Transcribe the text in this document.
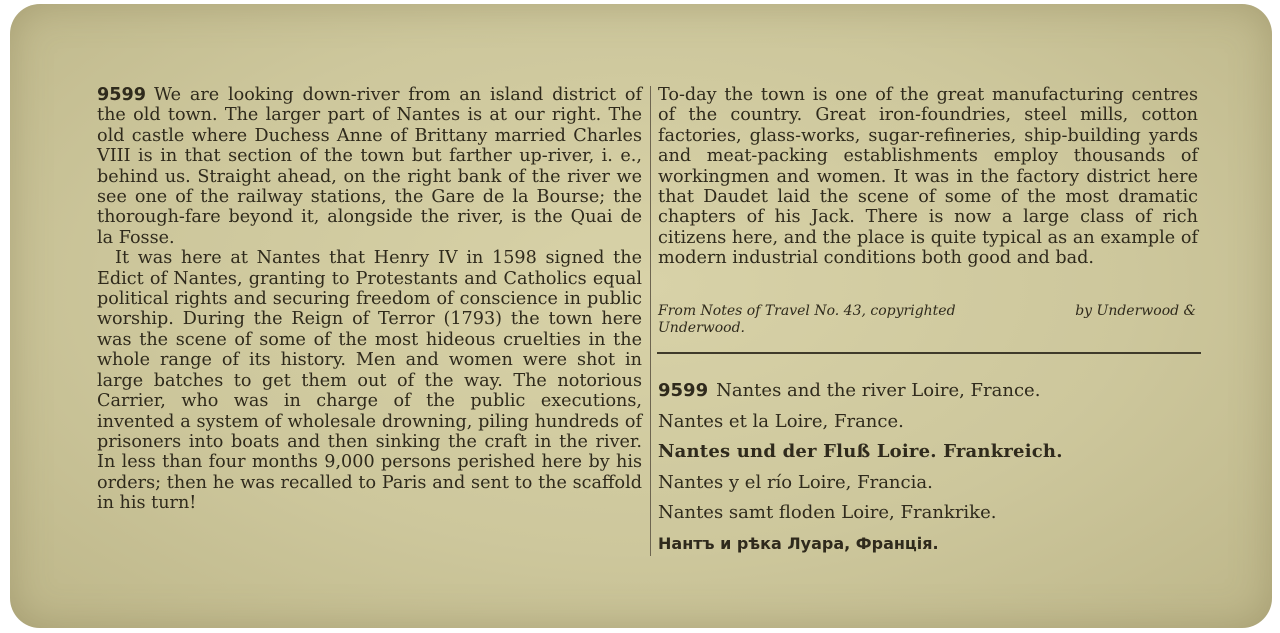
9599 We are looking down-river from an island district of the old town. The larger part of Nantes is at our right. The old castle where Duchess Anne of Brittany married Charles VIII is in that section of the town but farther up-river, i. e., behind us. Straight ahead, on the right bank of the river we see one of the railway stations, the Gare de la Bourse; the thorough-fare beyond it, alongside the river, is the Quai de la Fosse.

It was here at Nantes that Henry IV in 1598 signed the Edict of Nantes, granting to Protestants and Catholics equal political rights and securing freedom of conscience in public worship. During the Reign of Terror (1793) the town here was the scene of some of the most hideous cruelties in the whole range of its history. Men and women were shot in large batches to get them out of the way. The notorious Carrier, who was in charge of the public executions, invented a system of wholesale drowning, piling hundreds of prisoners into boats and then sinking the craft in the river. In less than four months 9,000 persons perished here by his orders; then he was recalled to Paris and sent to the scaffold in his turn!

To-day the town is one of the great manufacturing centres of the country. Great iron-foundries, steel mills, cotton factories, glass-works, sugar-refineries, ship-building yards and meat-packing establishments employ thousands of workingmen and women. It was in the factory district here that Daudet laid the scene of some of the most dramatic chapters of his Jack. There is now a large class of rich citizens here, and the place is quite typical as an example of modern industrial conditions both good and bad.

From Notes of Travel No. 43, copyrighted	by Underwood &

Underwood.
9599 Nantes and the river Loire, France.
Nantes et la Loire, France.
Nantes und der Fluß Loire. Frankreich.
Nantes y el río Loire, Francia.
Nantes samt floden Loire, Frankrike.
Нантъ и рѣка Луара, Франція.
